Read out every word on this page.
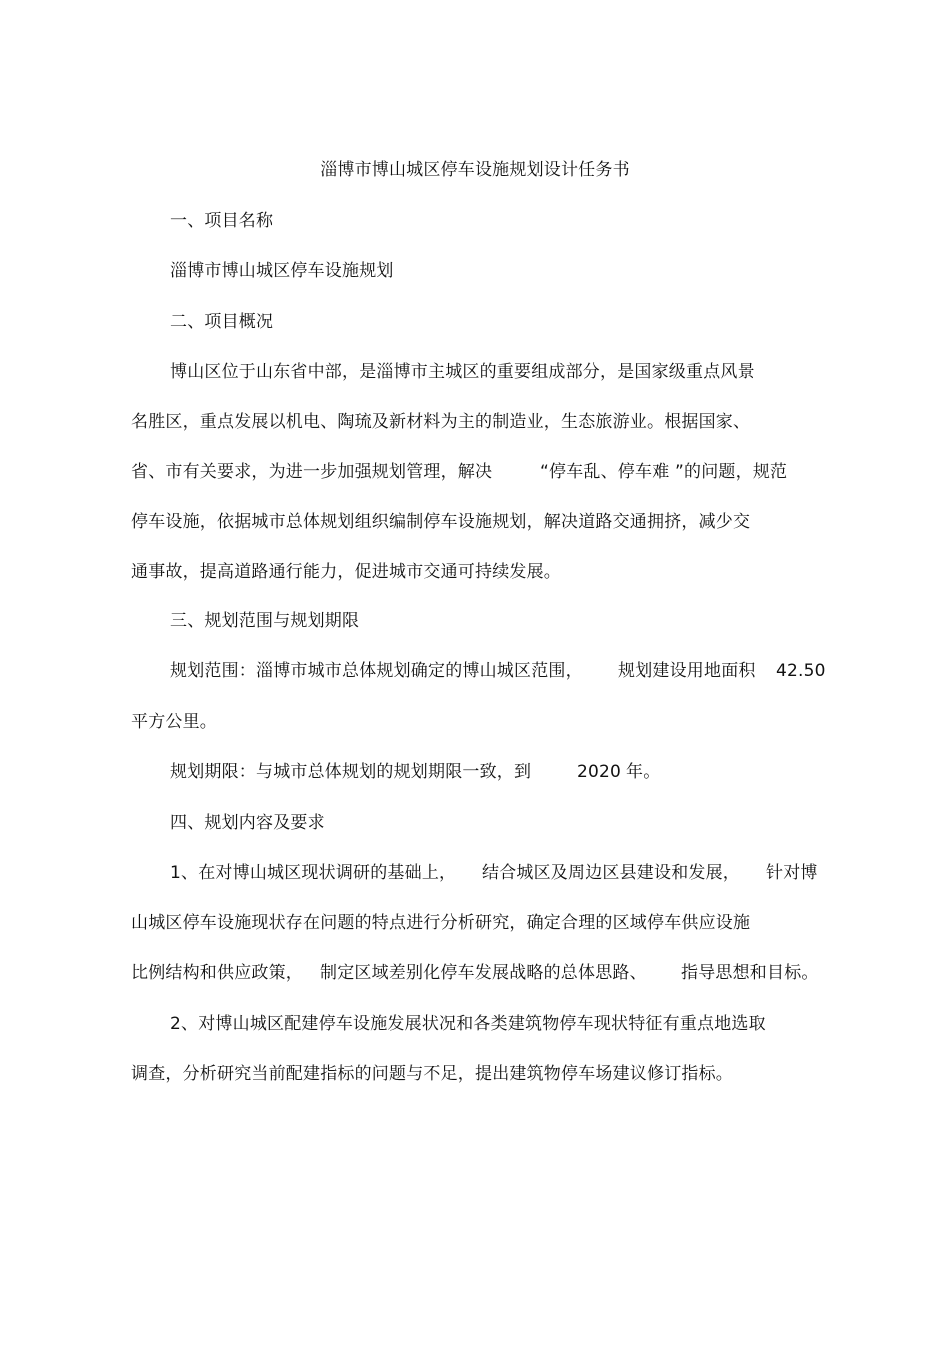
淄博市博山城区停车设施规划设计任务书
一、项目名称
淄博市博山城区停车设施规划
二、项目概况
博山区位于山东省中部，是淄博市主城区的重要组成部分，是国家级重点风景
名胜区，重点发展以机电、陶琉及新材料为主的制造业，生态旅游业。根据国家、
省、市有关要求，为进一步加强规划管理，解决	“停车乱、停车难 ”的问题，规范
停车设施，依据城市总体规划组织编制停车设施规划，解决道路交通拥挤，减少交
通事故，提高道路通行能力，促进城市交通可持续发展。
三、规划范围与规划期限
规划范围：淄博市城市总体规划确定的博山城区范围， 规划建设用地面积 42.50
平方公里。
规划期限：与城市总体规划的规划期限一致，到	2020 年。
四、规划内容及要求
1、在对博山城区现状调研的基础上， 结合城区及周边区县建设和发展， 针对博
山城区停车设施现状存在问题的特点进行分析研究，确定合理的区域停车供应设施
比例结构和供应政策， 制定区域差别化停车发展战略的总体思路、 指导思想和目标。
2、对博山城区配建停车设施发展状况和各类建筑物停车现状特征有重点地选取
调查，分析研究当前配建指标的问题与不足，提出建筑物停车场建议修订指标。
